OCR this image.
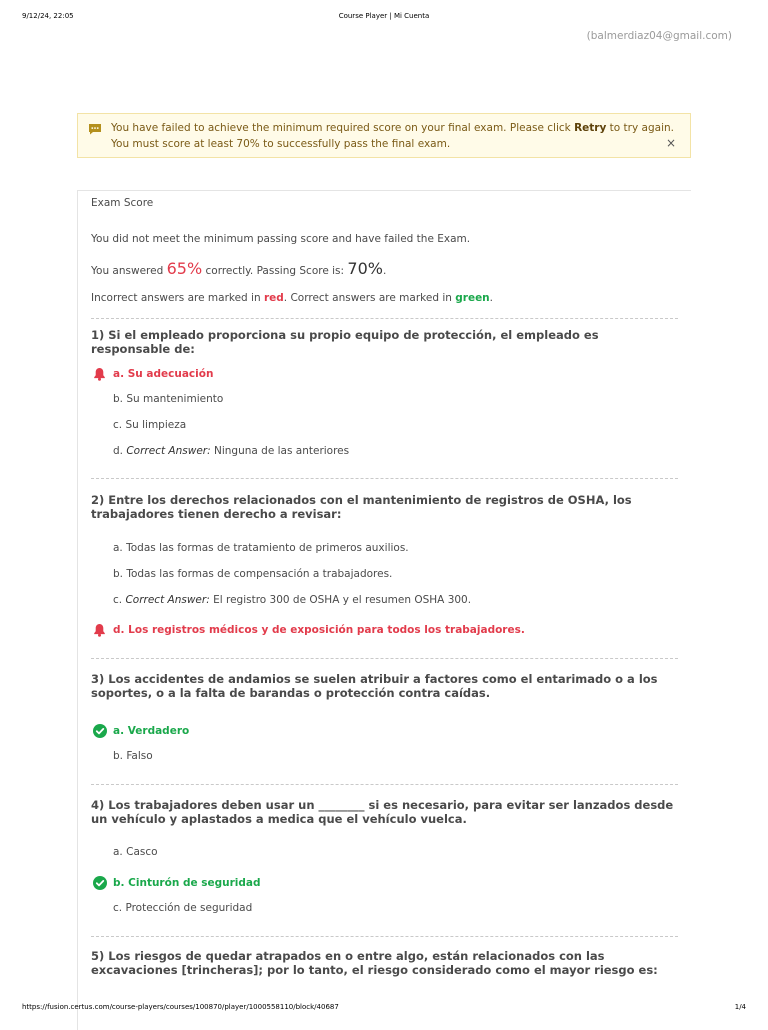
9/12/24, 22:05	Course Player | Mi Cuenta
(balmerdiaz04@gmail.com)
You have failed to achieve the minimum required score on your final exam. Please click Retry to try again. You must score at least 70% to successfully pass the final exam.	×
Exam Score
You did not meet the minimum passing score and have failed the Exam.
You answered 65% correctly. Passing Score is: 70%.
Incorrect answers are marked in red. Correct answers are marked in green.
1) Si el empleado proporciona su propio equipo de protección, el empleado es responsable de:
a. Su adecuación
b. Su mantenimiento
c. Su limpieza
d. Correct Answer: Ninguna de las anteriores
2) Entre los derechos relacionados con el mantenimiento de registros de OSHA, los trabajadores tienen derecho a revisar:
a. Todas las formas de tratamiento de primeros auxilios.
b. Todas las formas de compensación a trabajadores.
c. Correct Answer: El registro 300 de OSHA y el resumen OSHA 300.
d. Los registros médicos y de exposición para todos los trabajadores.
3) Los accidentes de andamios se suelen atribuir a factores como el entarimado o a los soportes, o a la falta de barandas o protección contra caídas.
a. Verdadero
b. Falso
4) Los trabajadores deben usar un ________ si es necesario, para evitar ser lanzados desde un vehículo y aplastados a medica que el vehículo vuelca.
a. Casco
b. Cinturón de seguridad
c. Protección de seguridad
5) Los riesgos de quedar atrapados en o entre algo, están relacionados con las excavaciones [trincheras]; por lo tanto, el riesgo considerado como el mayor riesgo es:
https://fusion.certus.com/course-players/courses/100870/player/1000558110/block/40687	1/4
